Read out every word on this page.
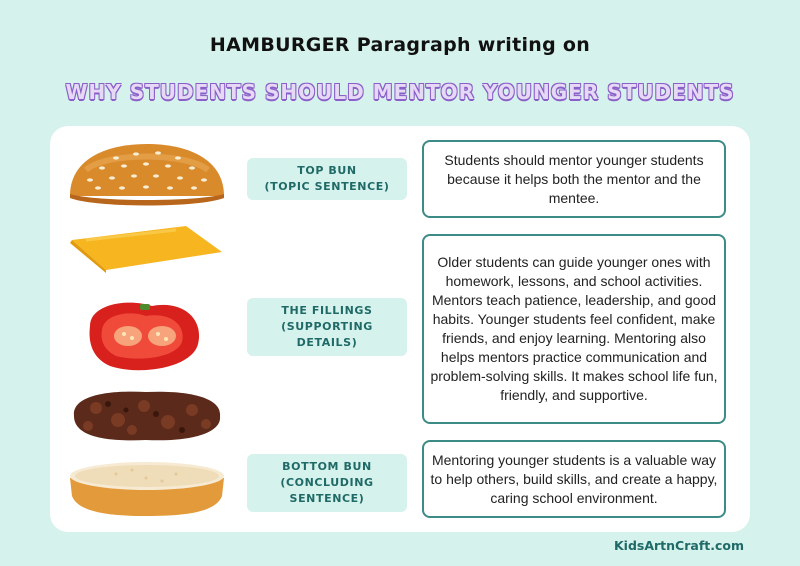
HAMBURGER Paragraph writing on
WHY STUDENTS SHOULD MENTOR YOUNGER STUDENTS
TOP BUN
(TOPIC SENTENCE)
THE FILLINGS
(SUPPORTING
DETAILS)
BOTTOM BUN
(CONCLUDING
SENTENCE)
Students should mentor younger students because it helps both the mentor and the mentee.
Older students can guide younger ones with homework, lessons, and school activities. Mentors teach patience, leadership, and good habits. Younger students feel confident, make friends, and enjoy learning. Mentoring also helps mentors practice communication and problem-solving skills. It makes school life fun, friendly, and supportive.
Mentoring younger students is a valuable way to help others, build skills, and create a happy, caring school environment.
KidsArtnCraft.com
